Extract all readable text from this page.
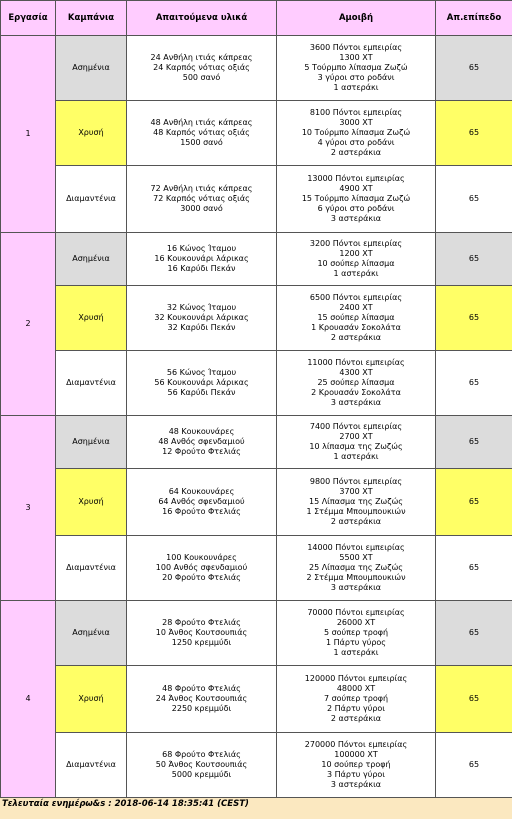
Εργασία	Καμπάνια	Απαιτούμενα υλικά	Αμοιβή	Απ.επίπεδο
1	Ασημένια	24 Ανθήλη ιτιάς κάπρεας
24 Καρπός νότιας οξιάς
500 σανό	3600 Πόντοι εμπειρίας
1300 ΧΤ
5 Τούρμπο λίπασμα Ζωζώ
3 γύροι στο ροδάνι
1 αστεράκι	65
	Χρυσή	48 Ανθήλη ιτιάς κάπρεας
48 Καρπός νότιας οξιάς
1500 σανό	8100 Πόντοι εμπειρίας
3000 ΧΤ
10 Τούρμπο λίπασμα Ζωζώ
4 γύροι στο ροδάνι
2 αστεράκια	65
	Διαμαντένια	72 Ανθήλη ιτιάς κάπρεας
72 Καρπός νότιας οξιάς
3000 σανό	13000 Πόντοι εμπειρίας
4900 ΧΤ
15 Τούρμπο λίπασμα Ζωζώ
6 γύροι στο ροδάνι
3 αστεράκια	65
2	Ασημένια	16 Κώνος Ίταμου
16 Κουκουνάρι λάρικας
16 Καρύδι Πεκάν	3200 Πόντοι εμπειρίας
1200 ΧΤ
10 σούπερ λίπασμα
1 αστεράκι	65
	Χρυσή	32 Κώνος Ίταμου
32 Κουκουνάρι λάρικας
32 Καρύδι Πεκάν	6500 Πόντοι εμπειρίας
2400 ΧΤ
15 σούπερ λίπασμα
1 Κρουασάν Σοκολάτα
2 αστεράκια	65
	Διαμαντένια	56 Κώνος Ίταμου
56 Κουκουνάρι λάρικας
56 Καρύδι Πεκάν	11000 Πόντοι εμπειρίας
4300 ΧΤ
25 σούπερ λίπασμα
2 Κρουασάν Σοκολάτα
3 αστεράκια	65
3	Ασημένια	48 Κουκουνάρες
48 Ανθός σφενδαμιού
12 Φρούτο Φτελιάς	7400 Πόντοι εμπειρίας
2700 ΧΤ
10 λίπασμα της Ζωζώς
1 αστεράκι	65
	Χρυσή	64 Κουκουνάρες
64 Ανθός σφενδαμιού
16 Φρούτο Φτελιάς	9800 Πόντοι εμπειρίας
3700 ΧΤ
15 Λίπασμα της Ζωζώς
1 Στέμμα Μπουμπουκιών
2 αστεράκια	65
	Διαμαντένια	100 Κουκουνάρες
100 Ανθός σφενδαμιού
20 Φρούτο Φτελιάς	14000 Πόντοι εμπειρίας
5500 ΧΤ
25 Λίπασμα της Ζωζώς
2 Στέμμα Μπουμπουκιών
3 αστεράκια	65
4	Ασημένια	28 Φρούτο Φτελιάς
10 Άνθος Κουτσουπιάς
1250 κρεμμύδι	70000 Πόντοι εμπειρίας
26000 ΧΤ
5 σούπερ τροφή
1 Πάρτυ γύρος
1 αστεράκι	65
	Χρυσή	48 Φρούτο Φτελιάς
24 Άνθος Κουτσουπιάς
2250 κρεμμύδι	120000 Πόντοι εμπειρίας
48000 ΧΤ
7 σούπερ τροφή
2 Πάρτυ γύροι
2 αστεράκια	65
	Διαμαντένια	68 Φρούτο Φτελιάς
50 Άνθος Κουτσουπιάς
5000 κρεμμύδι	270000 Πόντοι εμπειρίας
100000 ΧΤ
10 σούπερ τροφή
3 Πάρτυ γύροι
3 αστεράκια	65
Τελευταία ενημέρω&s : 2018-06-14 18:35:41 (CEST)
